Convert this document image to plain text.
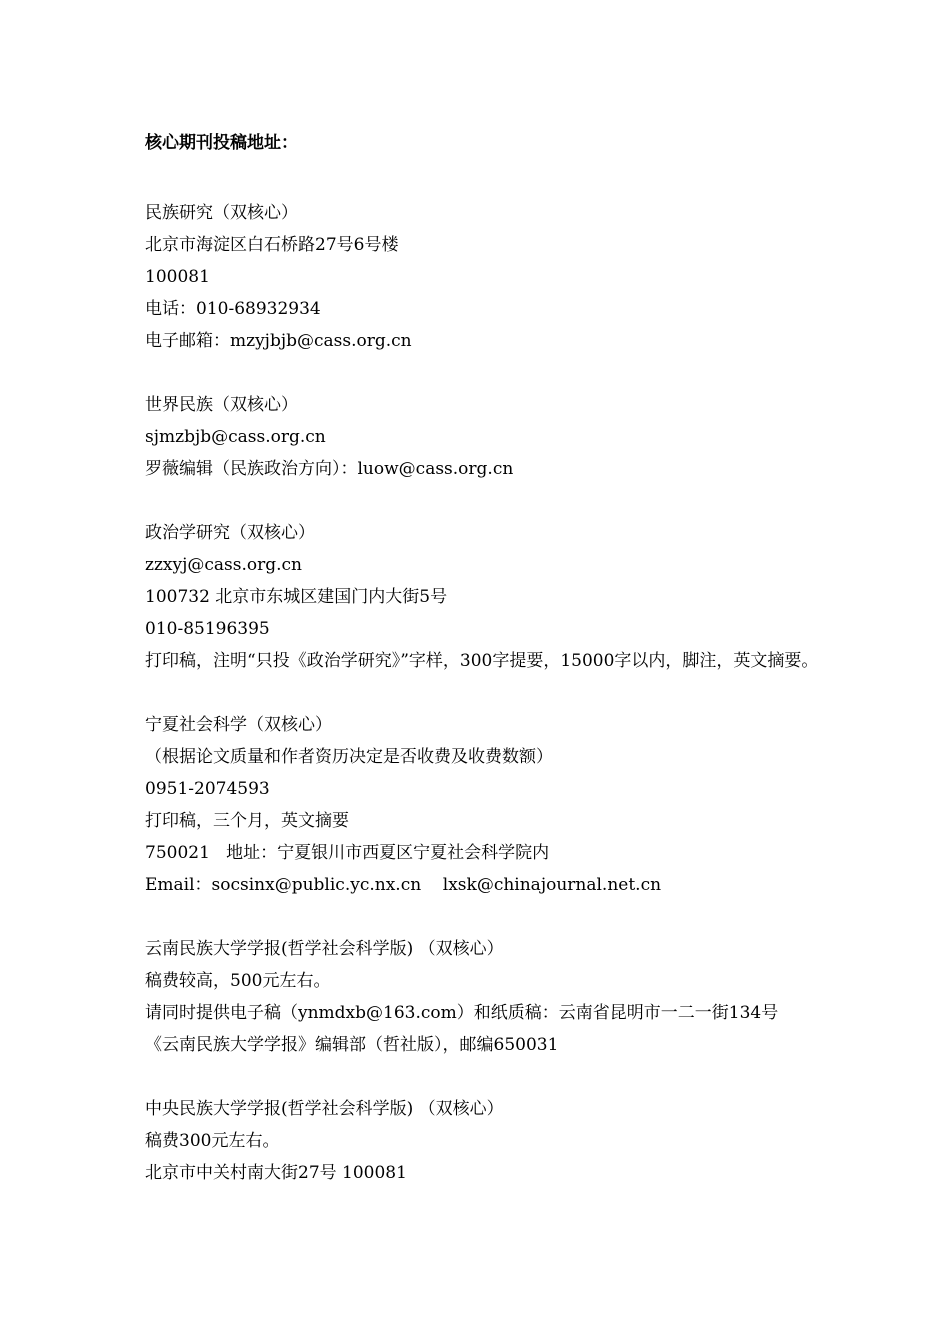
核心期刊投稿地址：

民族研究（双核心）

北京市海淀区白石桥路27号6号楼

100081

电话：010-68932934

电子邮箱：mzyjbjb@cass.org.cn

世界民族（双核心）

sjmzbjb@cass.org.cn

罗薇编辑（民族政治方向）：luow@cass.org.cn

政治学研究（双核心）

zzxyj@cass.org.cn

100732 北京市东城区建国门内大街5号

010-85196395

打印稿，注明“只投《政治学研究》”字样，300字提要，15000字以内，脚注，英文摘要。

宁夏社会科学（双核心）

（根据论文质量和作者资历决定是否收费及收费数额）

0951-2074593

打印稿，三个月，英文摘要

750021   地址：宁夏银川市西夏区宁夏社会科学院内

Email：socsinx@public.yc.nx.cn    lxsk@chinajournal.net.cn

云南民族大学学报(哲学社会科学版) （双核心）

稿费较高，500元左右。

请同时提供电子稿（ynmdxb@163.com）和纸质稿：云南省昆明市一二一街134号

《云南民族大学学报》编辑部（哲社版），邮编650031

中央民族大学学报(哲学社会科学版) （双核心）

稿费300元左右。

北京市中关村南大街27号 100081
